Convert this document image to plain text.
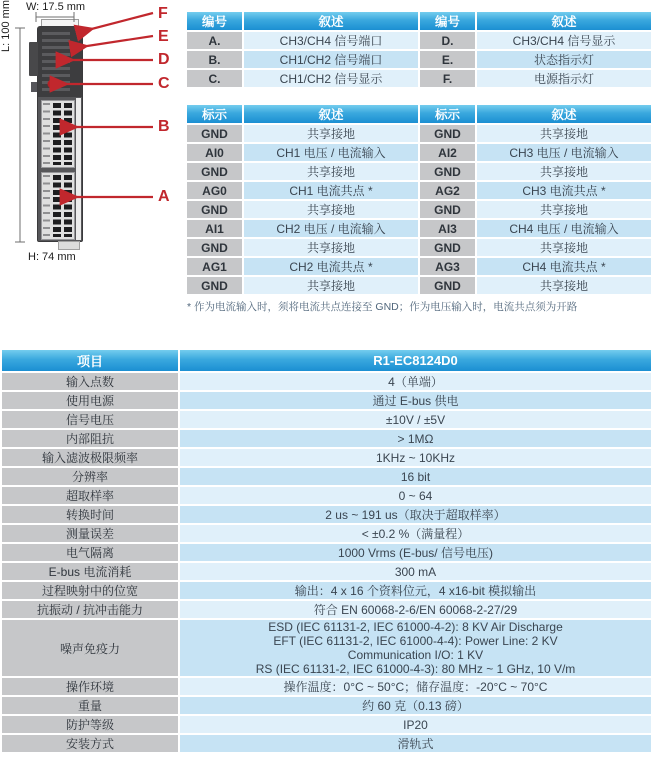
W: 17.5 mm
L: 100 mm
H: 74 mm
F
E
D
C
B
A
编号	叙述	编号	叙述
A.	CH3/CH4 信号端口	D.	CH3/CH4 信号显示
B.	CH1/CH2 信号端口	E.	状态指示灯
C.	CH1/CH2 信号显示	F.	电源指示灯
标示	叙述	标示	叙述
GND	共享接地	GND	共享接地
AI0	CH1 电压 / 电流输入	AI2	CH3 电压 / 电流输入
GND	共享接地	GND	共享接地
AG0	CH1 电流共点 *	AG2	CH3 电流共点 *
GND	共享接地	GND	共享接地
AI1	CH2 电压 / 电流输入	AI3	CH4 电压 / 电流输入
GND	共享接地	GND	共享接地
AG1	CH2 电流共点 *	AG3	CH4 电流共点 *
GND	共享接地	GND	共享接地
* 作为电流输入时，须将电流共点连接至 GND；作为电压输入时，电流共点须为开路
项目	R1-EC8124D0
输入点数	4（单端）
使用电源	通过 E-bus 供电
信号电压	±10V / ±5V
内部阻抗	> 1MΩ
输入滤波极限频率	1KHz ~ 10KHz
分辨率	16 bit
超取样率	0 ~ 64
转换时间	2 us ~ 191 us（取决于超取样率）
测量误差	< ±0.2 %（满量程）
电气隔离	1000 Vrms (E-bus/ 信号电压)
E-bus 电流消耗	300 mA
过程映射中的位宽	输出：4 x 16 个资料位元，4 x16-bit 模拟输出
抗振动 / 抗冲击能力	符合 EN 60068-2-6/EN 60068-2-27/29
噪声免疫力	ESD (IEC 61131-2, IEC 61000-4-2): 8 KV Air Discharge
EFT (IEC 61131-2, IEC 61000-4-4): Power Line: 2 KV
Communication I/O: 1 KV
RS (IEC 61131-2, IEC 61000-4-3): 80 MHz ~ 1 GHz, 10 V/m

操作环境	操作温度：0°C ~ 50°C；储存温度：-20°C ~ 70°C
重量	约 60 克（0.13 磅）
防护等级	IP20
安装方式	滑轨式
